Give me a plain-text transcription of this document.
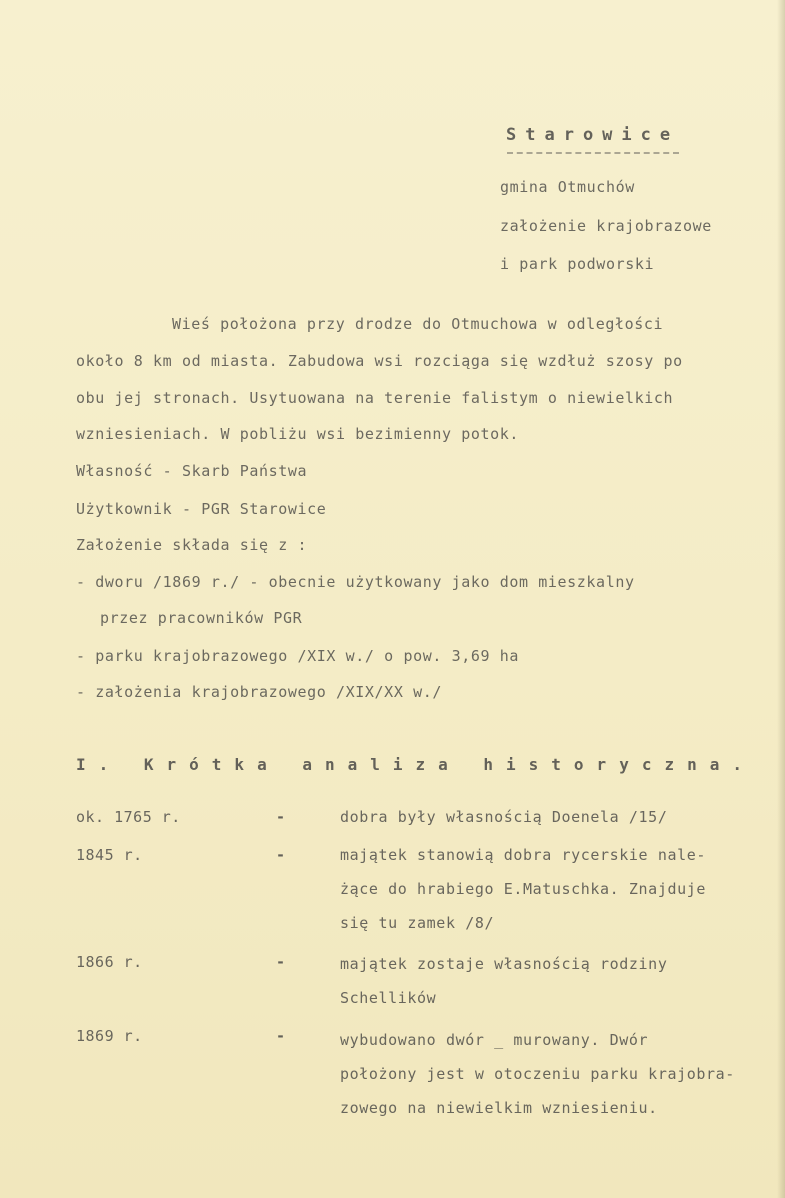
Starowice
gmina Otmuchów
założenie krajobrazowe
i park podworski
Wieś położona przy drodze do Otmuchowa w odległości
około 8 km od miasta. Zabudowa wsi rozciąga się wzdłuż szosy po
obu jej stronach. Usytuowana na terenie falistym o niewielkich
wzniesieniach. W pobliżu wsi bezimienny potok.
Własność - Skarb Państwa
Użytkownik - PGR Starowice
Założenie składa się z :
- dworu /1869 r./ - obecnie użytkowany jako dom mieszkalny
przez pracowników PGR
- parku krajobrazowego /XIX w./ o pow. 3,69 ha
- założenia krajobrazowego /XIX/XX w./
I. Krótka analiza historyczna.
ok. 1765 r.	-	dobra były własnością Doenela /15/
1845 r.	-	majątek stanowią dobra rycerskie nale-
żące do hrabiego E.Matuschka. Znajduje
się tu zamek /8/
1866 r.	-	majątek zostaje własnością rodziny
Schellików
1869 r.	-	wybudowano dwór _ murowany. Dwór
położony jest w otoczeniu parku krajobra-
zowego na niewielkim wzniesieniu.
